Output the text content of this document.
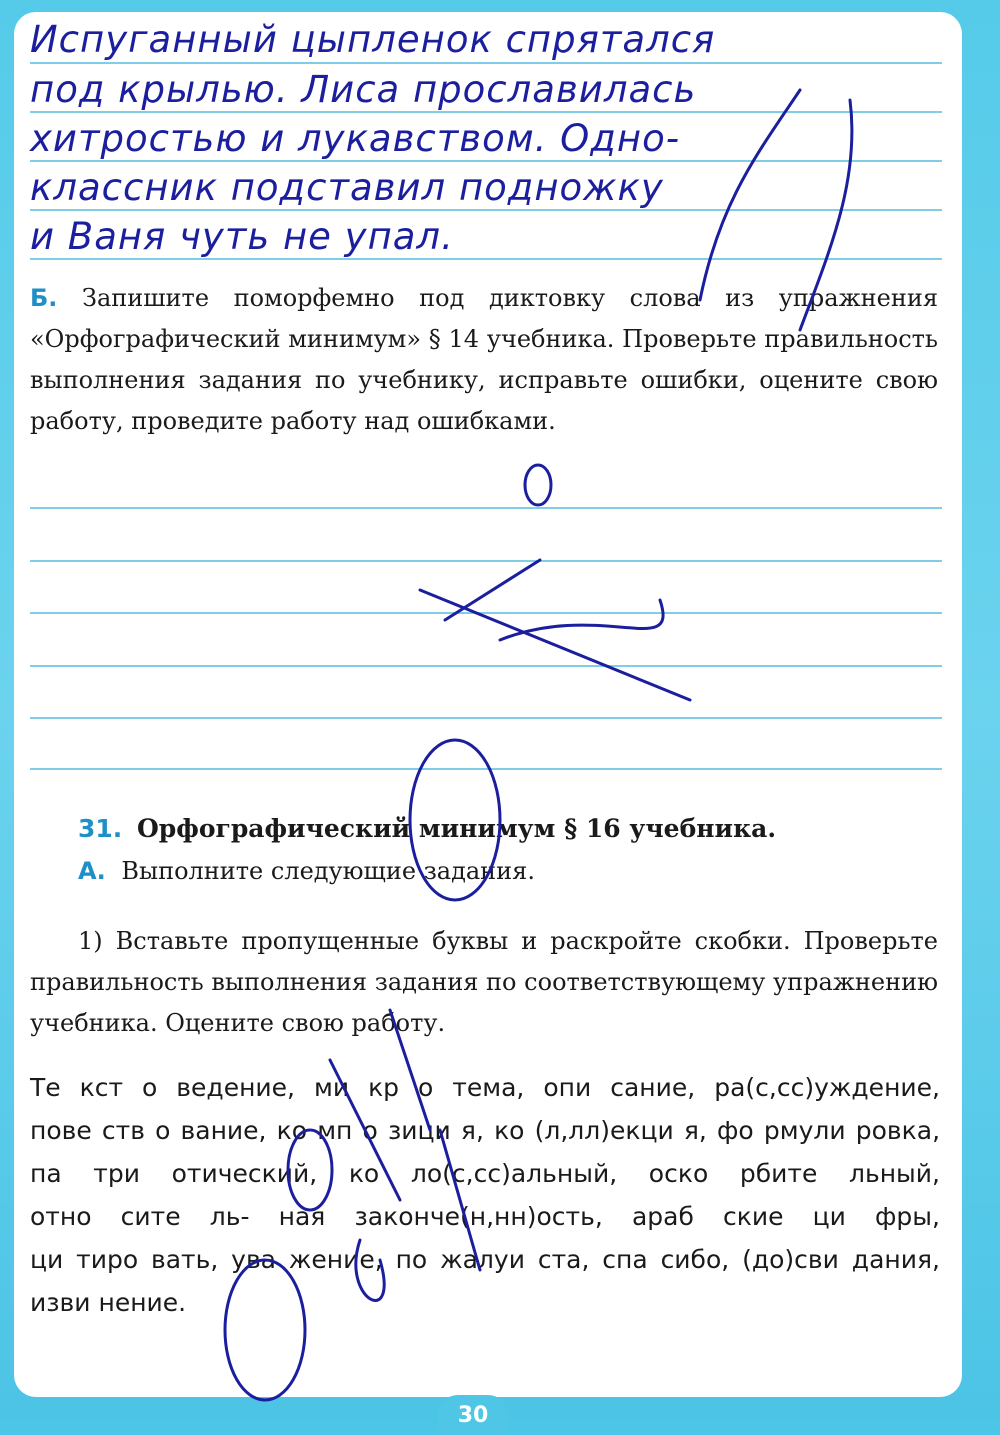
Испуганный цыпленок спрятался
под крылью. Лиса прославилась
хитростью и лукавством. Одно-
классник подставил подножку
и Ваня чуть не упал.

Б. Запишите поморфемно под диктовку слова из упражнения «Орфографический минимум» § 14 учебника. Проверьте правильность выполнения задания по учебнику, исправьте ошибки, оцените свою работу, проведите работу над ошибками.

31. Орфографический минимум § 16 учебника.

А. Выполните следующие задания.

1) Вставьте пропущенные буквы и раскройте скобки. Проверьте правильность выполнения задания по соответствующему упражнению учебника. Оцените свою работу.

Те кст о ведение, ми кр о тема, опи сание, ра(с,сс)уждение, пове ств о вание, ко мп о зици я, ко (л,лл)екци я, фо рмули ровка, па три отический, ко ло(с,сс)альный, оско рбите льный, отно сите ль- ная законче(н,нн)ость, араб ские ци фры, ци тиро вать, ува жение, по жалуи ста, спа сибо, (до)сви дания, изви нение.

30
